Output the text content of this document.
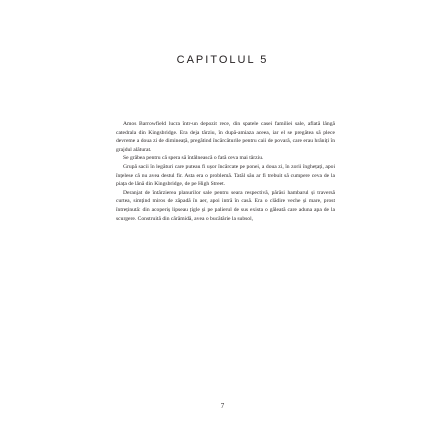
CAPITOLUL 5

Amos Barrowfield lucra într-un depozit rece, din spatele casei familiei sale, aflată lângă catedrala din Kingsbridge. Era deja târziu, în după-amiaza aceea, iar el se pregătea să plece devreme a doua zi de dimineață, pregătind încărcăturile pentru caii de povară, care erau hrăniți în grajdul alăturat.

Se grăbea pentru că spera să întâlnească o fată ceva mai târziu.

Grupă sacii în legături care puteau fi ușor încărcate pe ponei, a doua zi, în zorii înghețați, apoi înțelese că nu avea destul fir. Asta era o problemă. Tatăl său ar fi trebuit să cumpere ceva de la piața de lână din Kingsbridge, de pe High Street.

Deranjat de întârzierea planurilor sale pentru seara respectivă, părăsi hambarul și traversă curtea, simțind miros de zăpadă în aer, apoi intră în casă. Era o clădire veche și mare, prost întreținută: din acoperiș lipseau țigle și pe palierul de sus exista o găleată care aduna apa de la scurgere. Construită din cărămidă, avea o bucătărie la subsol,

7
